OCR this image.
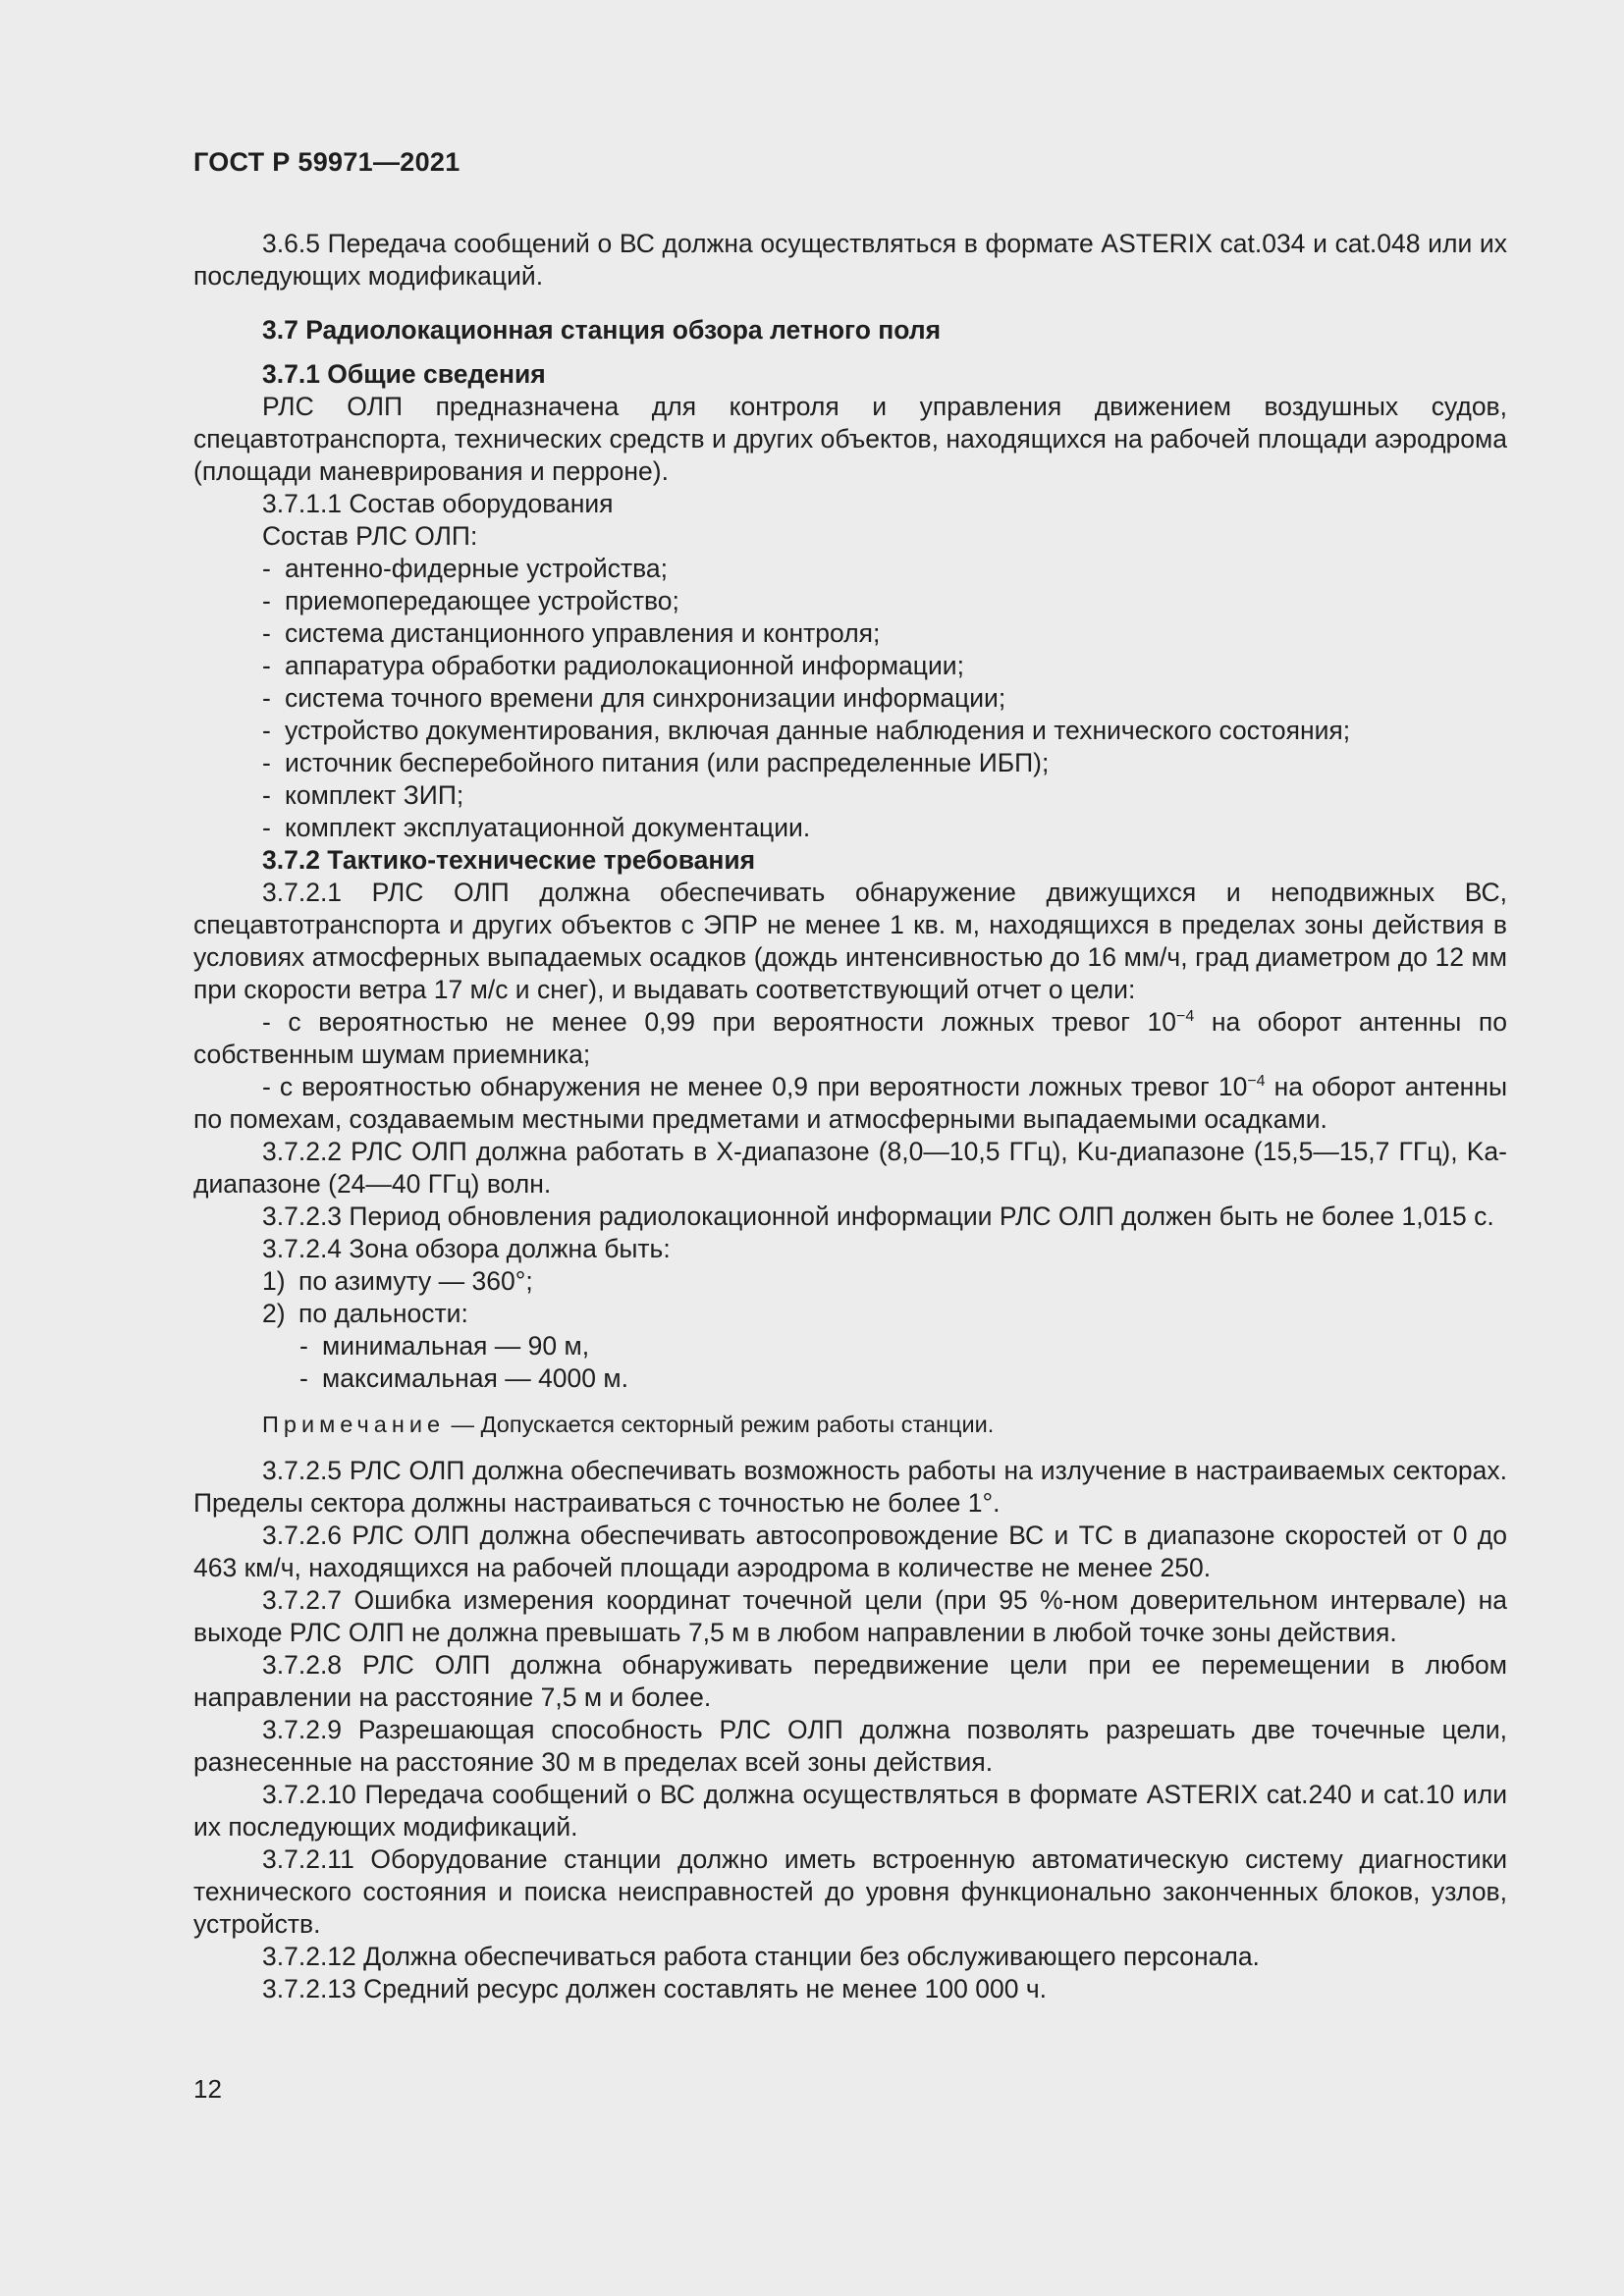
ГОСТ Р 59971—2021

3.6.5 Передача сообщений о ВС должна осуществляться в формате ASTERIX cat.034 и cat.048 или их последующих модификаций.

3.7 Радиолокационная станция обзора летного поля

3.7.1 Общие сведения

РЛС ОЛП предназначена для контроля и управления движением воздушных судов, спецавтотранспорта, технических средств и других объектов, находящихся на рабочей площади аэродрома (площади маневрирования и перроне).

3.7.1.1 Состав оборудования

Состав РЛС ОЛП:

- антенно-фидерные устройства;
- приемопередающее устройство;
- система дистанционного управления и контроля;
- аппаратура обработки радиолокационной информации;
- система точного времени для синхронизации информации;
- устройство документирования, включая данные наблюдения и технического состояния;
- источник бесперебойного питания (или распределенные ИБП);
- комплект ЗИП;
- комплект эксплуатационной документации.

3.7.2 Тактико-технические требования

3.7.2.1 РЛС ОЛП должна обеспечивать обнаружение движущихся и неподвижных ВС, спецавтотранспорта и других объектов с ЭПР не менее 1 кв. м, находящихся в пределах зоны действия в условиях атмосферных выпадаемых осадков (дождь интенсивностью до 16 мм/ч, град диаметром до 12 мм при скорости ветра 17 м/с и снег), и выдавать соответствующий отчет о цели:

- с вероятностью не менее 0,99 при вероятности ложных тревог $10^{-4}$ на оборот антенны по собственным шумам приемника;

- с вероятностью обнаружения не менее 0,9 при вероятности ложных тревог $10^{-4}$ на оборот антенны по помехам, создаваемым местными предметами и атмосферными выпадаемыми осадками.

3.7.2.2 РЛС ОЛП должна работать в X-диапазоне (8,0—10,5 ГГц), Ku-диапазоне (15,5—15,7 ГГц), Ka-диапазоне (24—40 ГГц) волн.

3.7.2.3 Период обновления радиолокационной информации РЛС ОЛП должен быть не более 1,015 с.

3.7.2.4 Зона обзора должна быть:

1) по азимуту — 360°;
2) по дальности:
- минимальная — 90 м,
- максимальная — 4000 м.

Примечание — Допускается секторный режим работы станции.

3.7.2.5 РЛС ОЛП должна обеспечивать возможность работы на излучение в настраиваемых секторах. Пределы сектора должны настраиваться с точностью не более 1°.

3.7.2.6 РЛС ОЛП должна обеспечивать автосопровождение ВС и ТС в диапазоне скоростей от 0 до 463 км/ч, находящихся на рабочей площади аэродрома в количестве не менее 250.

3.7.2.7 Ошибка измерения координат точечной цели (при 95 %-ном доверительном интервале) на выходе РЛС ОЛП не должна превышать 7,5 м в любом направлении в любой точке зоны действия.

3.7.2.8 РЛС ОЛП должна обнаруживать передвижение цели при ее перемещении в любом направлении на расстояние 7,5 м и более.

3.7.2.9 Разрешающая способность РЛС ОЛП должна позволять разрешать две точечные цели, разнесенные на расстояние 30 м в пределах всей зоны действия.

3.7.2.10 Передача сообщений о ВС должна осуществляться в формате ASTERIX cat.240 и cat.10 или их последующих модификаций.

3.7.2.11 Оборудование станции должно иметь встроенную автоматическую систему диагностики технического состояния и поиска неисправностей до уровня функционально законченных блоков, узлов, устройств.

3.7.2.12 Должна обеспечиваться работа станции без обслуживающего персонала.

3.7.2.13 Средний ресурс должен составлять не менее 100 000 ч.

12
